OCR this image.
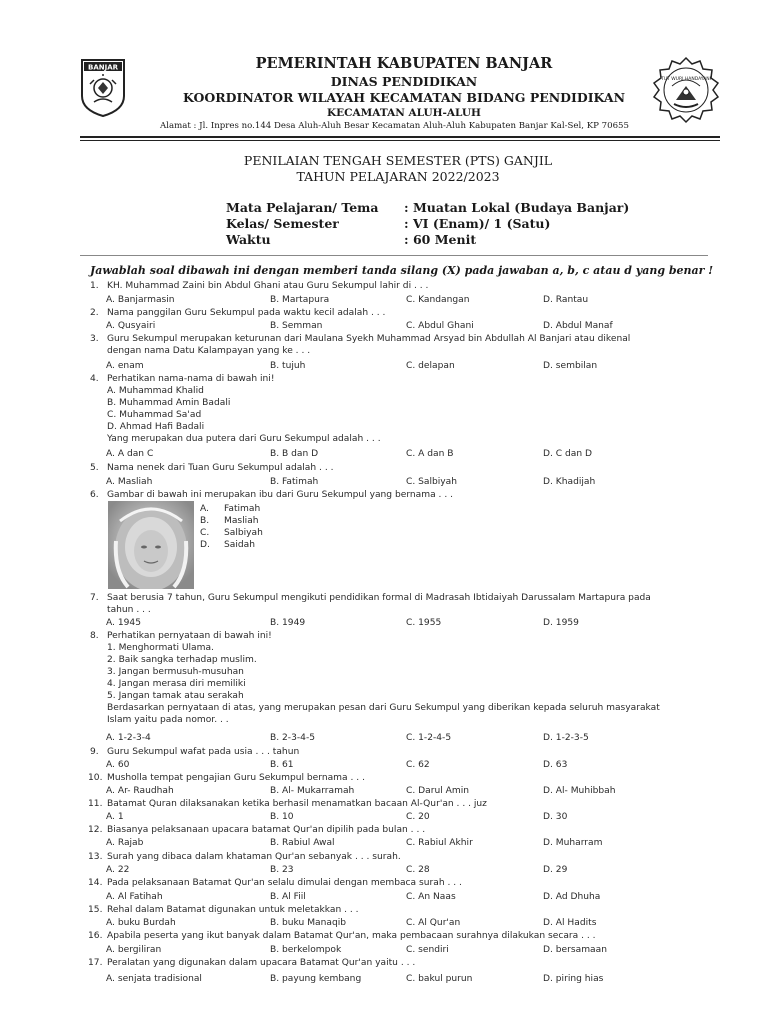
BANJAR
TUT WURI HANDAYANI
PEMERINTAH KABUPATEN BANJAR
DINAS PENDIDIKAN
KOORDINATOR WILAYAH KECAMATAN BIDANG PENDIDIKAN
KECAMATAN ALUH-ALUH
Alamat : Jl. Inpres no.144 Desa Aluh-Aluh Besar Kecamatan Aluh-Aluh Kabupaten Banjar Kal-Sel, KP 70655
PENILAIAN TENGAH SEMESTER (PTS) GANJIL
TAHUN PELAJARAN 2022/2023
Mata Pelajaran/ Tema : Muatan Lokal (Budaya Banjar)
Kelas/ Semester	: VI (Enam)/ 1 (Satu)
Waktu	: 60 Menit
Jawablah soal dibawah ini dengan memberi tanda silang (X) pada jawaban a, b, c atau d yang benar !
1. KH. Muhammad Zaini bin Abdul Ghani atau Guru Sekumpul lahir di . . .
A. Banjarmasin	B. Martapura	C. Kandangan	D. Rantau
2. Nama panggilan Guru Sekumpul pada waktu kecil adalah . . .
A. Qusyairi	B. Semman	C. Abdul Ghani	D. Abdul Manaf
3. Guru Sekumpul merupakan keturunan dari Maulana Syekh Muhammad Arsyad bin Abdullah Al Banjari atau dikenal
dengan nama Datu Kalampayan yang ke . . .
A. enam	B. tujuh	C. delapan	D. sembilan
4. Perhatikan nama-nama di bawah ini!
A. Muhammad Khalid
B. Muhammad Amin Badali
C. Muhammad Sa'ad
D. Ahmad Hafi Badali
Yang merupakan dua putera dari Guru Sekumpul adalah . . .
A. A dan C	B. B dan D	C. A dan B	D. C dan D
5. Nama nenek dari Tuan Guru Sekumpul adalah . . .
A. Masliah	B. Fatimah	C. Salbiyah	D. Khadijah
6. Gambar di bawah ini merupakan ibu dari Guru Sekumpul yang bernama . . .
A. Fatimah
B. Masliah
C. Salbiyah
D. Saidah
7. Saat berusia 7 tahun, Guru Sekumpul mengikuti pendidikan formal di Madrasah Ibtidaiyah Darussalam Martapura pada
tahun . . .
A. 1945	B. 1949	C. 1955	D. 1959
8. Perhatikan pernyataan di bawah ini!
1. Menghormati Ulama.
2. Baik sangka terhadap muslim.
3. Jangan bermusuh-musuhan
4. Jangan merasa diri memiliki
5. Jangan tamak atau serakah
Berdasarkan pernyataan di atas, yang merupakan pesan dari Guru Sekumpul yang diberikan kepada seluruh masyarakat
Islam yaitu pada nomor. . .
A. 1-2-3-4	B. 2-3-4-5	C. 1-2-4-5	D. 1-2-3-5
9. Guru Sekumpul wafat pada usia . . . tahun
A. 60	B. 61	C. 62	D. 63
10. Musholla tempat pengajian Guru Sekumpul bernama . . .
A. Ar- Raudhah	B. Al- Mukarramah	C. Darul Amin	D. Al- Muhibbah
11. Batamat Quran dilaksanakan ketika berhasil menamatkan bacaan Al-Qur'an . . . juz
A. 1	B. 10	C. 20	D. 30
12. Biasanya pelaksanaan upacara batamat Qur'an dipilih pada bulan . . .
A. Rajab	B. Rabiul Awal	C. Rabiul Akhir	D. Muharram
13. Surah yang dibaca dalam khataman Qur'an sebanyak . . . surah.
A. 22	B. 23	C. 28	D. 29
14. Pada pelaksanaan Batamat Qur'an selalu dimulai dengan membaca surah . . .
A. Al Fatihah	B. Al Fiil	C. An Naas	D. Ad Dhuha
15. Rehal dalam Batamat digunakan untuk meletakkan . . .
A. buku Burdah	B. buku Manaqib	C. Al Qur'an	D. Al Hadits
16. Apabila peserta yang ikut banyak dalam Batamat Qur'an, maka pembacaan surahnya dilakukan secara . . .
A. bergiliran	B. berkelompok	C. sendiri	D. bersamaan
17. Peralatan yang digunakan dalam upacara Batamat Qur'an yaitu . . .
A. senjata tradisional	B. payung kembang	C. bakul purun	D. piring hias
